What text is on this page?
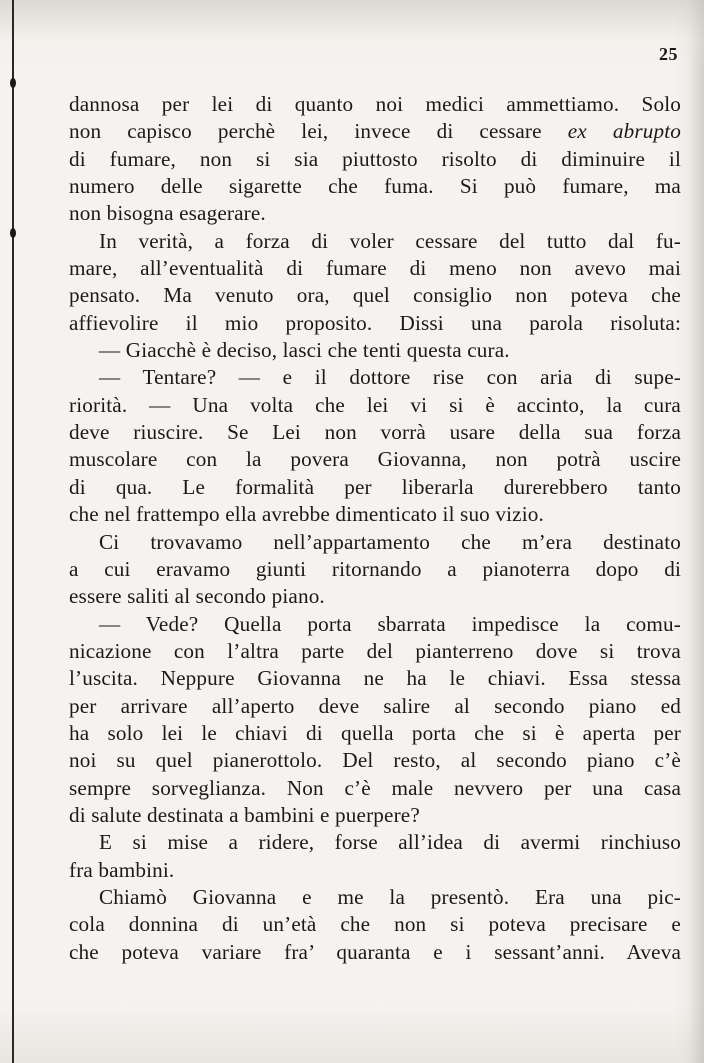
25
dannosa per lei di quanto noi medici ammettiamo. Solo
non capisco perchè lei, invece di cessare ex abrupto
di fumare, non si sia piuttosto risolto di diminuire il
numero delle sigarette che fuma. Si può fumare, ma
non bisogna esagerare.
In verità, a forza di voler cessare del tutto dal fu-
mare, all’eventualità di fumare di meno non avevo mai
pensato. Ma venuto ora, quel consiglio non poteva che
affievolire il mio proposito. Dissi una parola risoluta:
— Giacchè è deciso, lasci che tenti questa cura.
— Tentare? — e il dottore rise con aria di supe-
riorità. — Una volta che lei vi si è accinto, la cura
deve riuscire. Se Lei non vorrà usare della sua forza
muscolare con la povera Giovanna, non potrà uscire
di qua. Le formalità per liberarla durerebbero tanto
che nel frattempo ella avrebbe dimenticato il suo vizio.
Ci trovavamo nell’appartamento che m’era destinato
a cui eravamo giunti ritornando a pianoterra dopo di
essere saliti al secondo piano.
— Vede? Quella porta sbarrata impedisce la comu-
nicazione con l’altra parte del pianterreno dove si trova
l’uscita. Neppure Giovanna ne ha le chiavi. Essa stessa
per arrivare all’aperto deve salire al secondo piano ed
ha solo lei le chiavi di quella porta che si è aperta per
noi su quel pianerottolo. Del resto, al secondo piano c’è
sempre sorveglianza. Non c’è male nevvero per una casa
di salute destinata a bambini e puerpere?
E si mise a ridere, forse all’idea di avermi rinchiuso
fra bambini.
Chiamò Giovanna e me la presentò. Era una pic-
cola donnina di un’età che non si poteva precisare e
che poteva variare fra’ quaranta e i sessant’anni. Aveva
